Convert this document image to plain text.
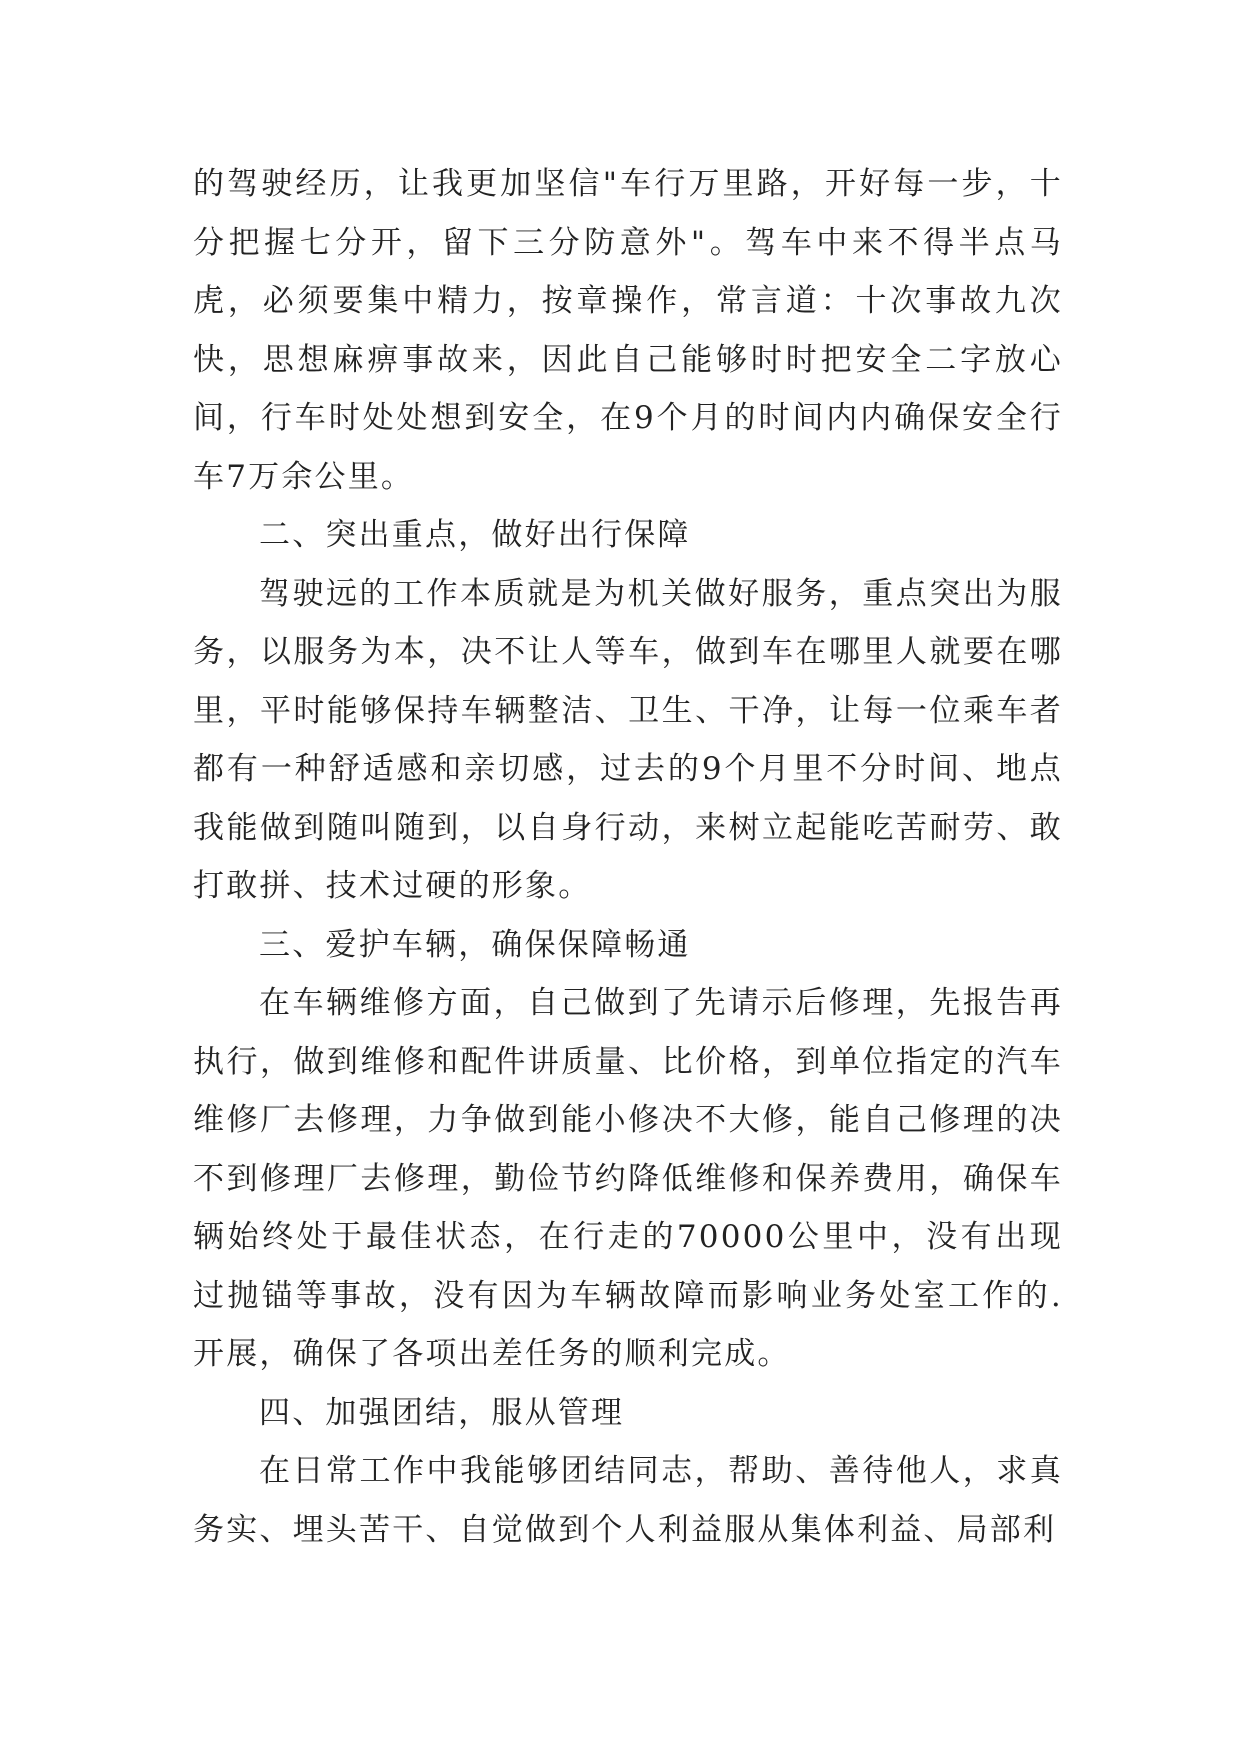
的驾驶经历，让我更加坚信"车行万里路，开好每一步，十分把握七分开，留下三分防意外"。驾车中来不得半点马虎，必须要集中精力，按章操作，常言道：十次事故九次快，思想麻痹事故来，因此自己能够时时把安全二字放心间，行车时处处想到安全，在9个月的时间内内确保安全行车7万余公里。

二、突出重点，做好出行保障

驾驶远的工作本质就是为机关做好服务，重点突出为服务，以服务为本，决不让人等车，做到车在哪里人就要在哪里，平时能够保持车辆整洁、卫生、干净，让每一位乘车者都有一种舒适感和亲切感，过去的9个月里不分时间、地点我能做到随叫随到，以自身行动，来树立起能吃苦耐劳、敢打敢拼、技术过硬的形象。

三、爱护车辆，确保保障畅通

在车辆维修方面，自己做到了先请示后修理，先报告再执行，做到维修和配件讲质量、比价格，到单位指定的汽车维修厂去修理，力争做到能小修决不大修，能自己修理的决不到修理厂去修理，勤俭节约降低维修和保养费用，确保车辆始终处于最佳状态，在行走的70000公里中，没有出现过抛锚等事故，没有因为车辆故障而影响业务处室工作的.开展，确保了各项出差任务的顺利完成。

四、加强团结，服从管理

在日常工作中我能够团结同志，帮助、善待他人，求真务实、埋头苦干、自觉做到个人利益服从集体利益、局部利
